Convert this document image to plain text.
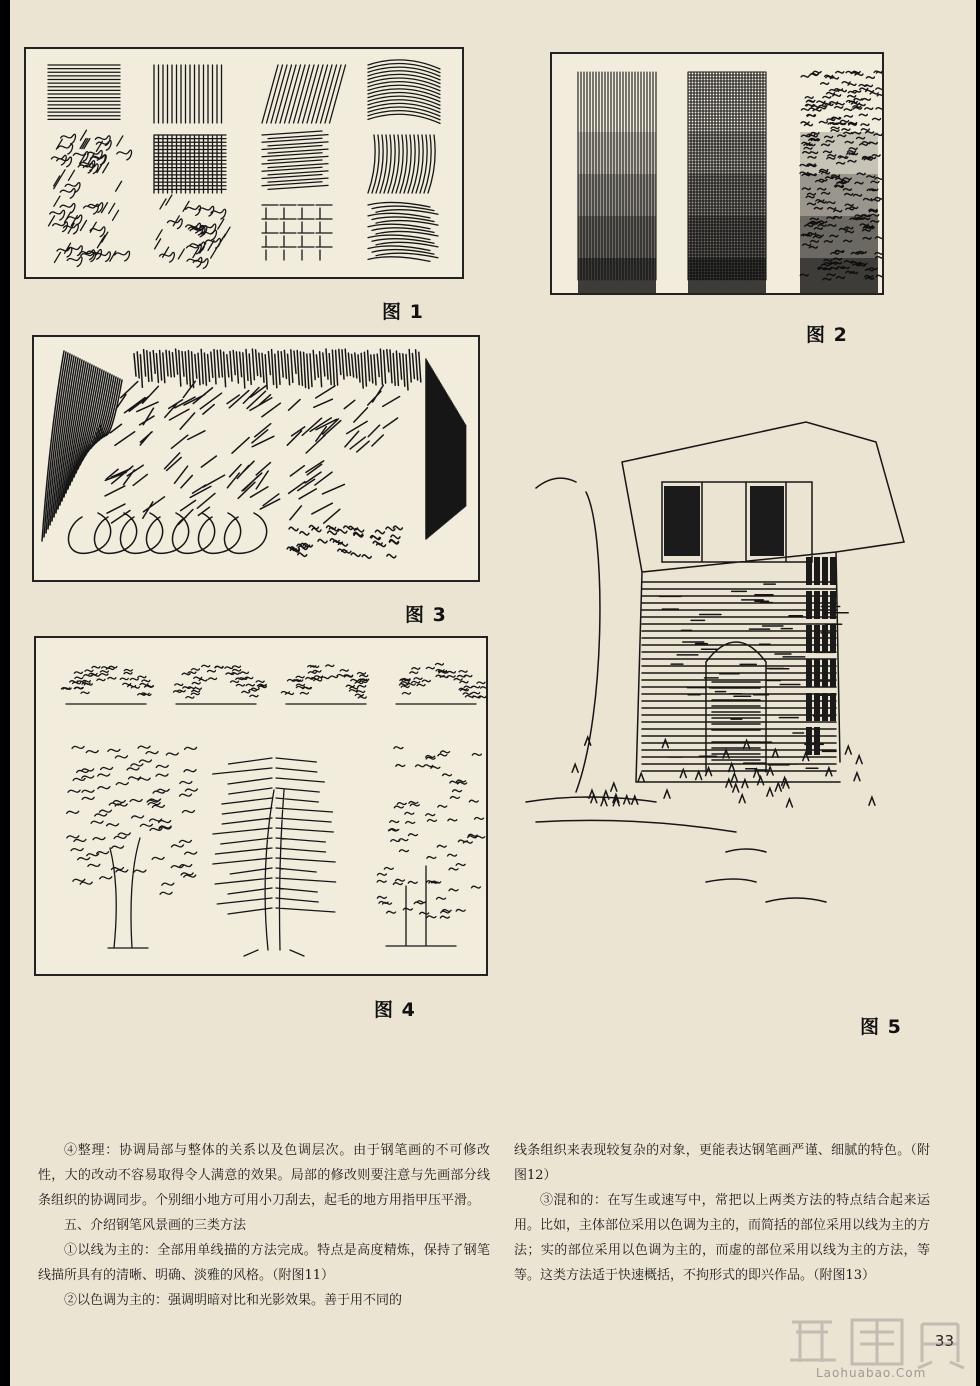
图 1
图 2
图 3
图 4
图 5

④整理：协调局部与整体的关系以及色调层次。由于钢笔画的不可修改性，大的改动不容易取得令人满意的效果。局部的修改则要注意与先画部分线条组织的协调同步。个别细小地方可用小刀刮去，起毛的地方用指甲压平滑。

五、介绍钢笔风景画的三类方法

①以线为主的：全部用单线描的方法完成。特点是高度精炼，保持了钢笔线描所具有的清晰、明确、淡雅的风格。（附图11）

②以色调为主的：强调明暗对比和光影效果。善于用不同的

线条组织来表现较复杂的对象，更能表达钢笔画严谨、细腻的特色。（附图12）

③混和的：在写生或速写中，常把以上两类方法的特点结合起来运用。比如，主体部位采用以色调为主的，而简括的部位采用以线为主的方法；实的部位采用以色调为主的，而虚的部位采用以线为主的方法，等等。这类方法适于快速概括，不拘形式的即兴作品。（附图13）

33
Laohuabao.Com
